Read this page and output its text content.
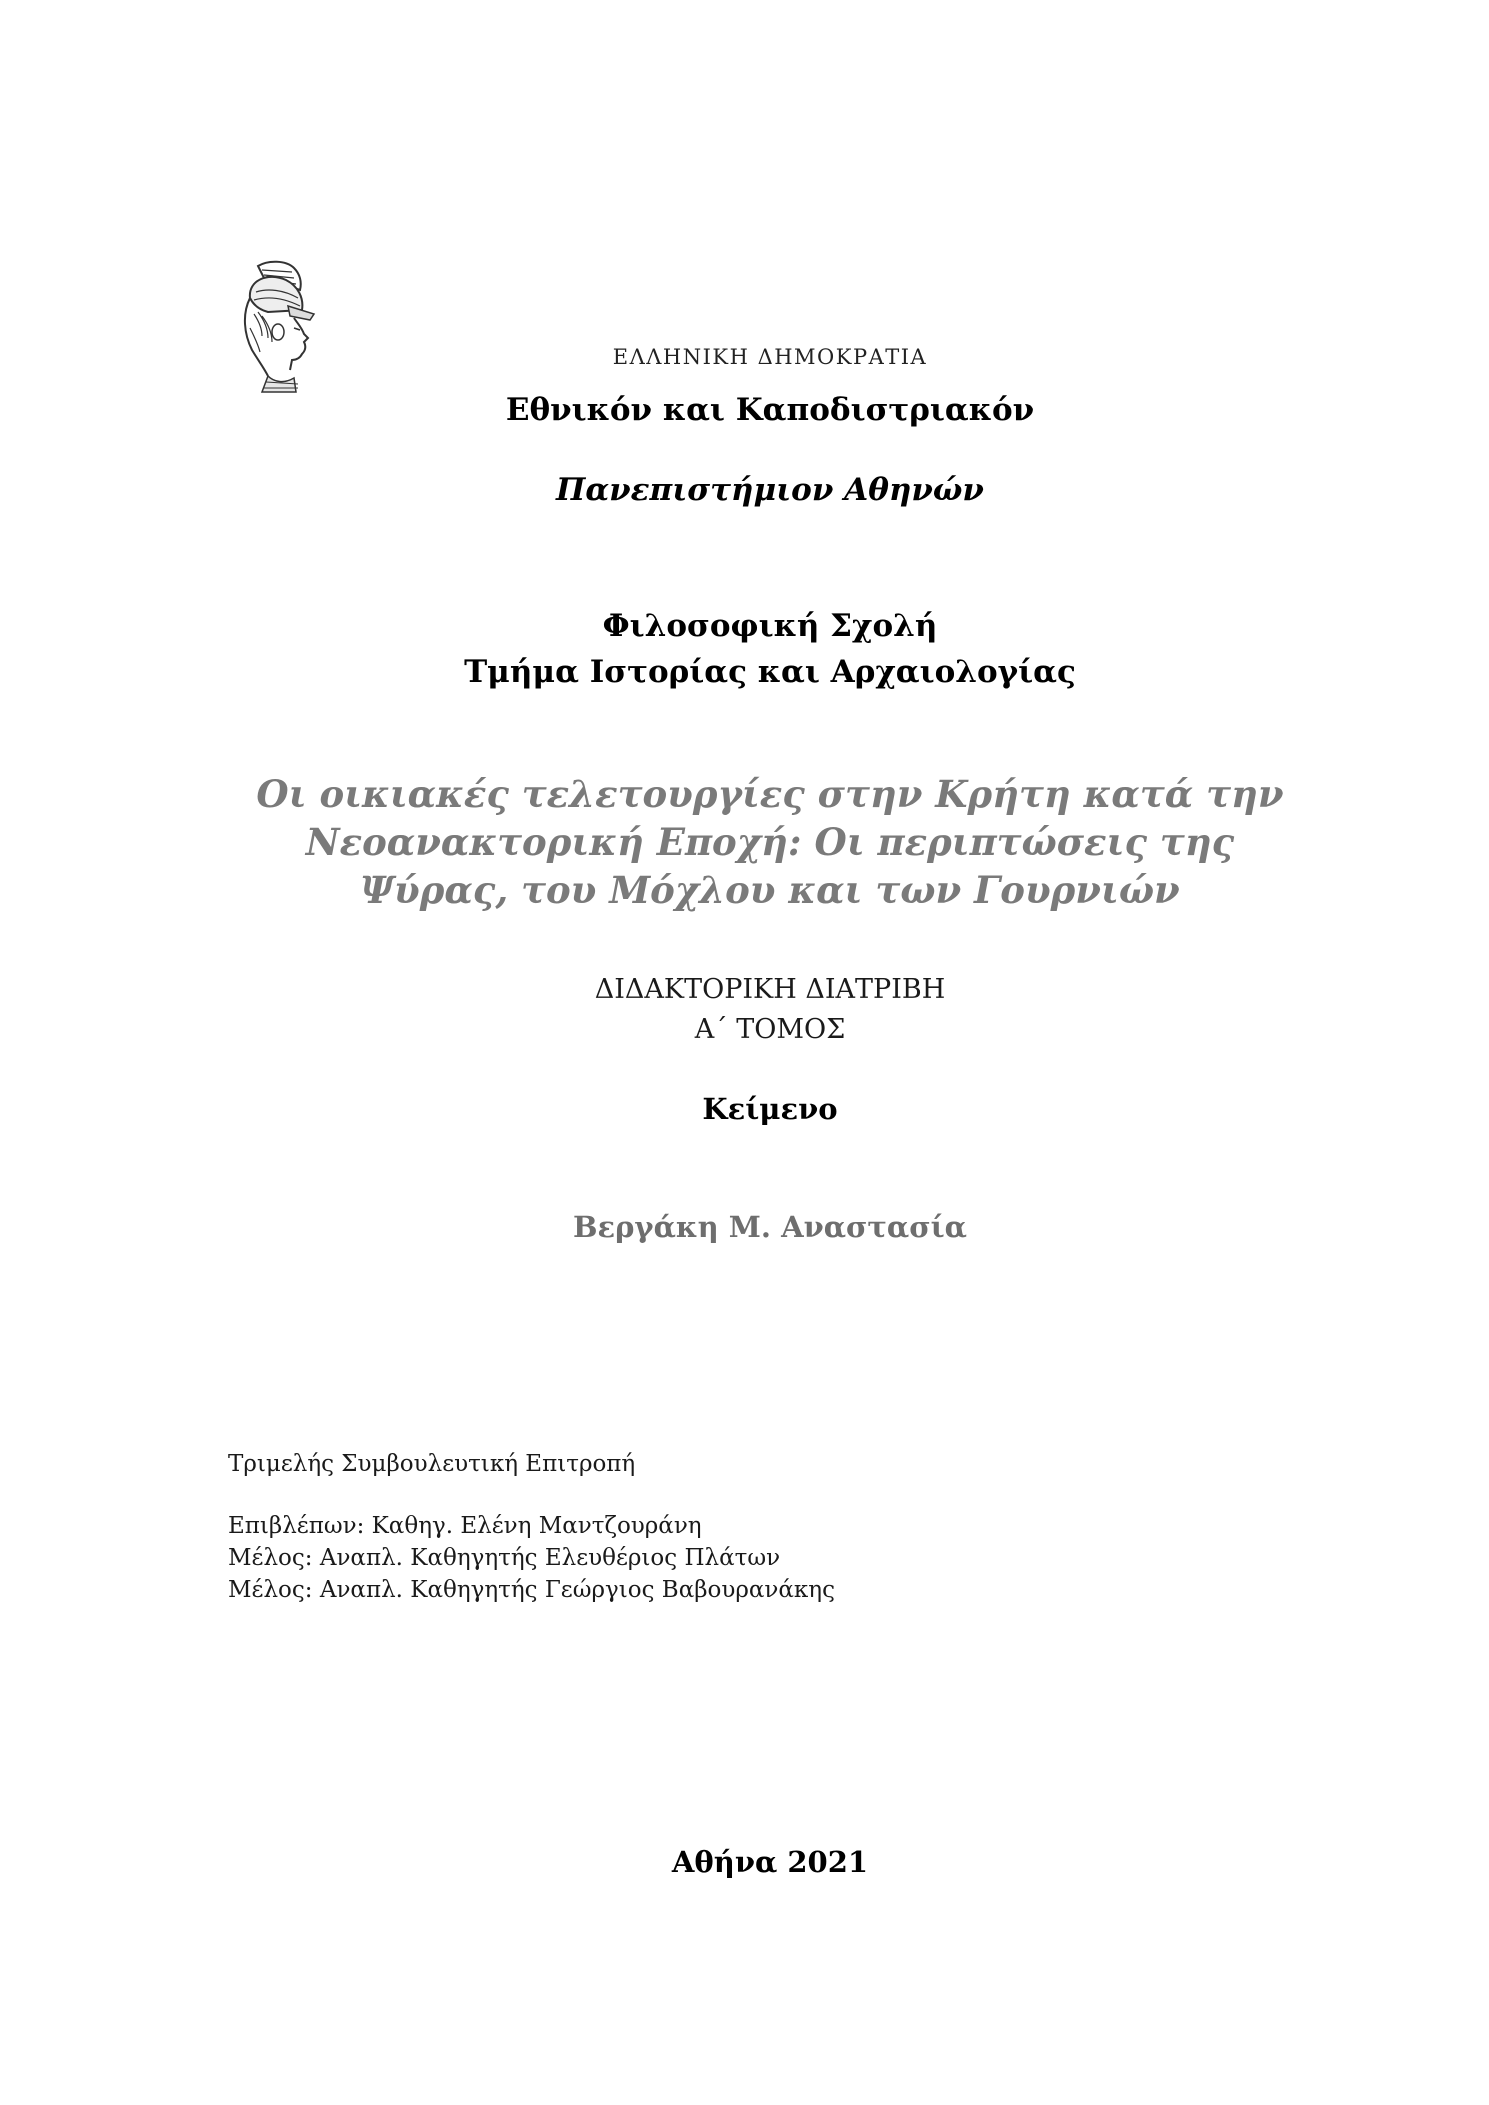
ΕΛΛΗΝΙΚΗ ΔΗΜΟΚΡΑΤΙΑ
Εθνικόν και Καποδιστριακόν
Πανεπιστήμιον Αθηνών
Φιλοσοφική Σχολή
Τμήμα Ιστορίας και Αρχαιολογίας
Οι οικιακές τελετουργίες στην Κρήτη κατά την
Νεοανακτορική Εποχή: Οι περιπτώσεις της
Ψύρας, του Μόχλου και των Γουρνιών
ΔΙΔΑΚΤΟΡΙΚΗ ΔΙΑΤΡΙΒΗ
Α΄ ΤΟΜΟΣ
Κείμενο
Βεργάκη Μ. Αναστασία
Τριμελής Συμβουλευτική Επιτροπή
Επιβλέπων: Καθηγ. Ελένη Μαντζουράνη
Μέλος: Αναπλ. Καθηγητής Ελευθέριος Πλάτων
Μέλος: Αναπλ. Καθηγητής Γεώργιος Βαβουρανάκης
Αθήνα 2021
